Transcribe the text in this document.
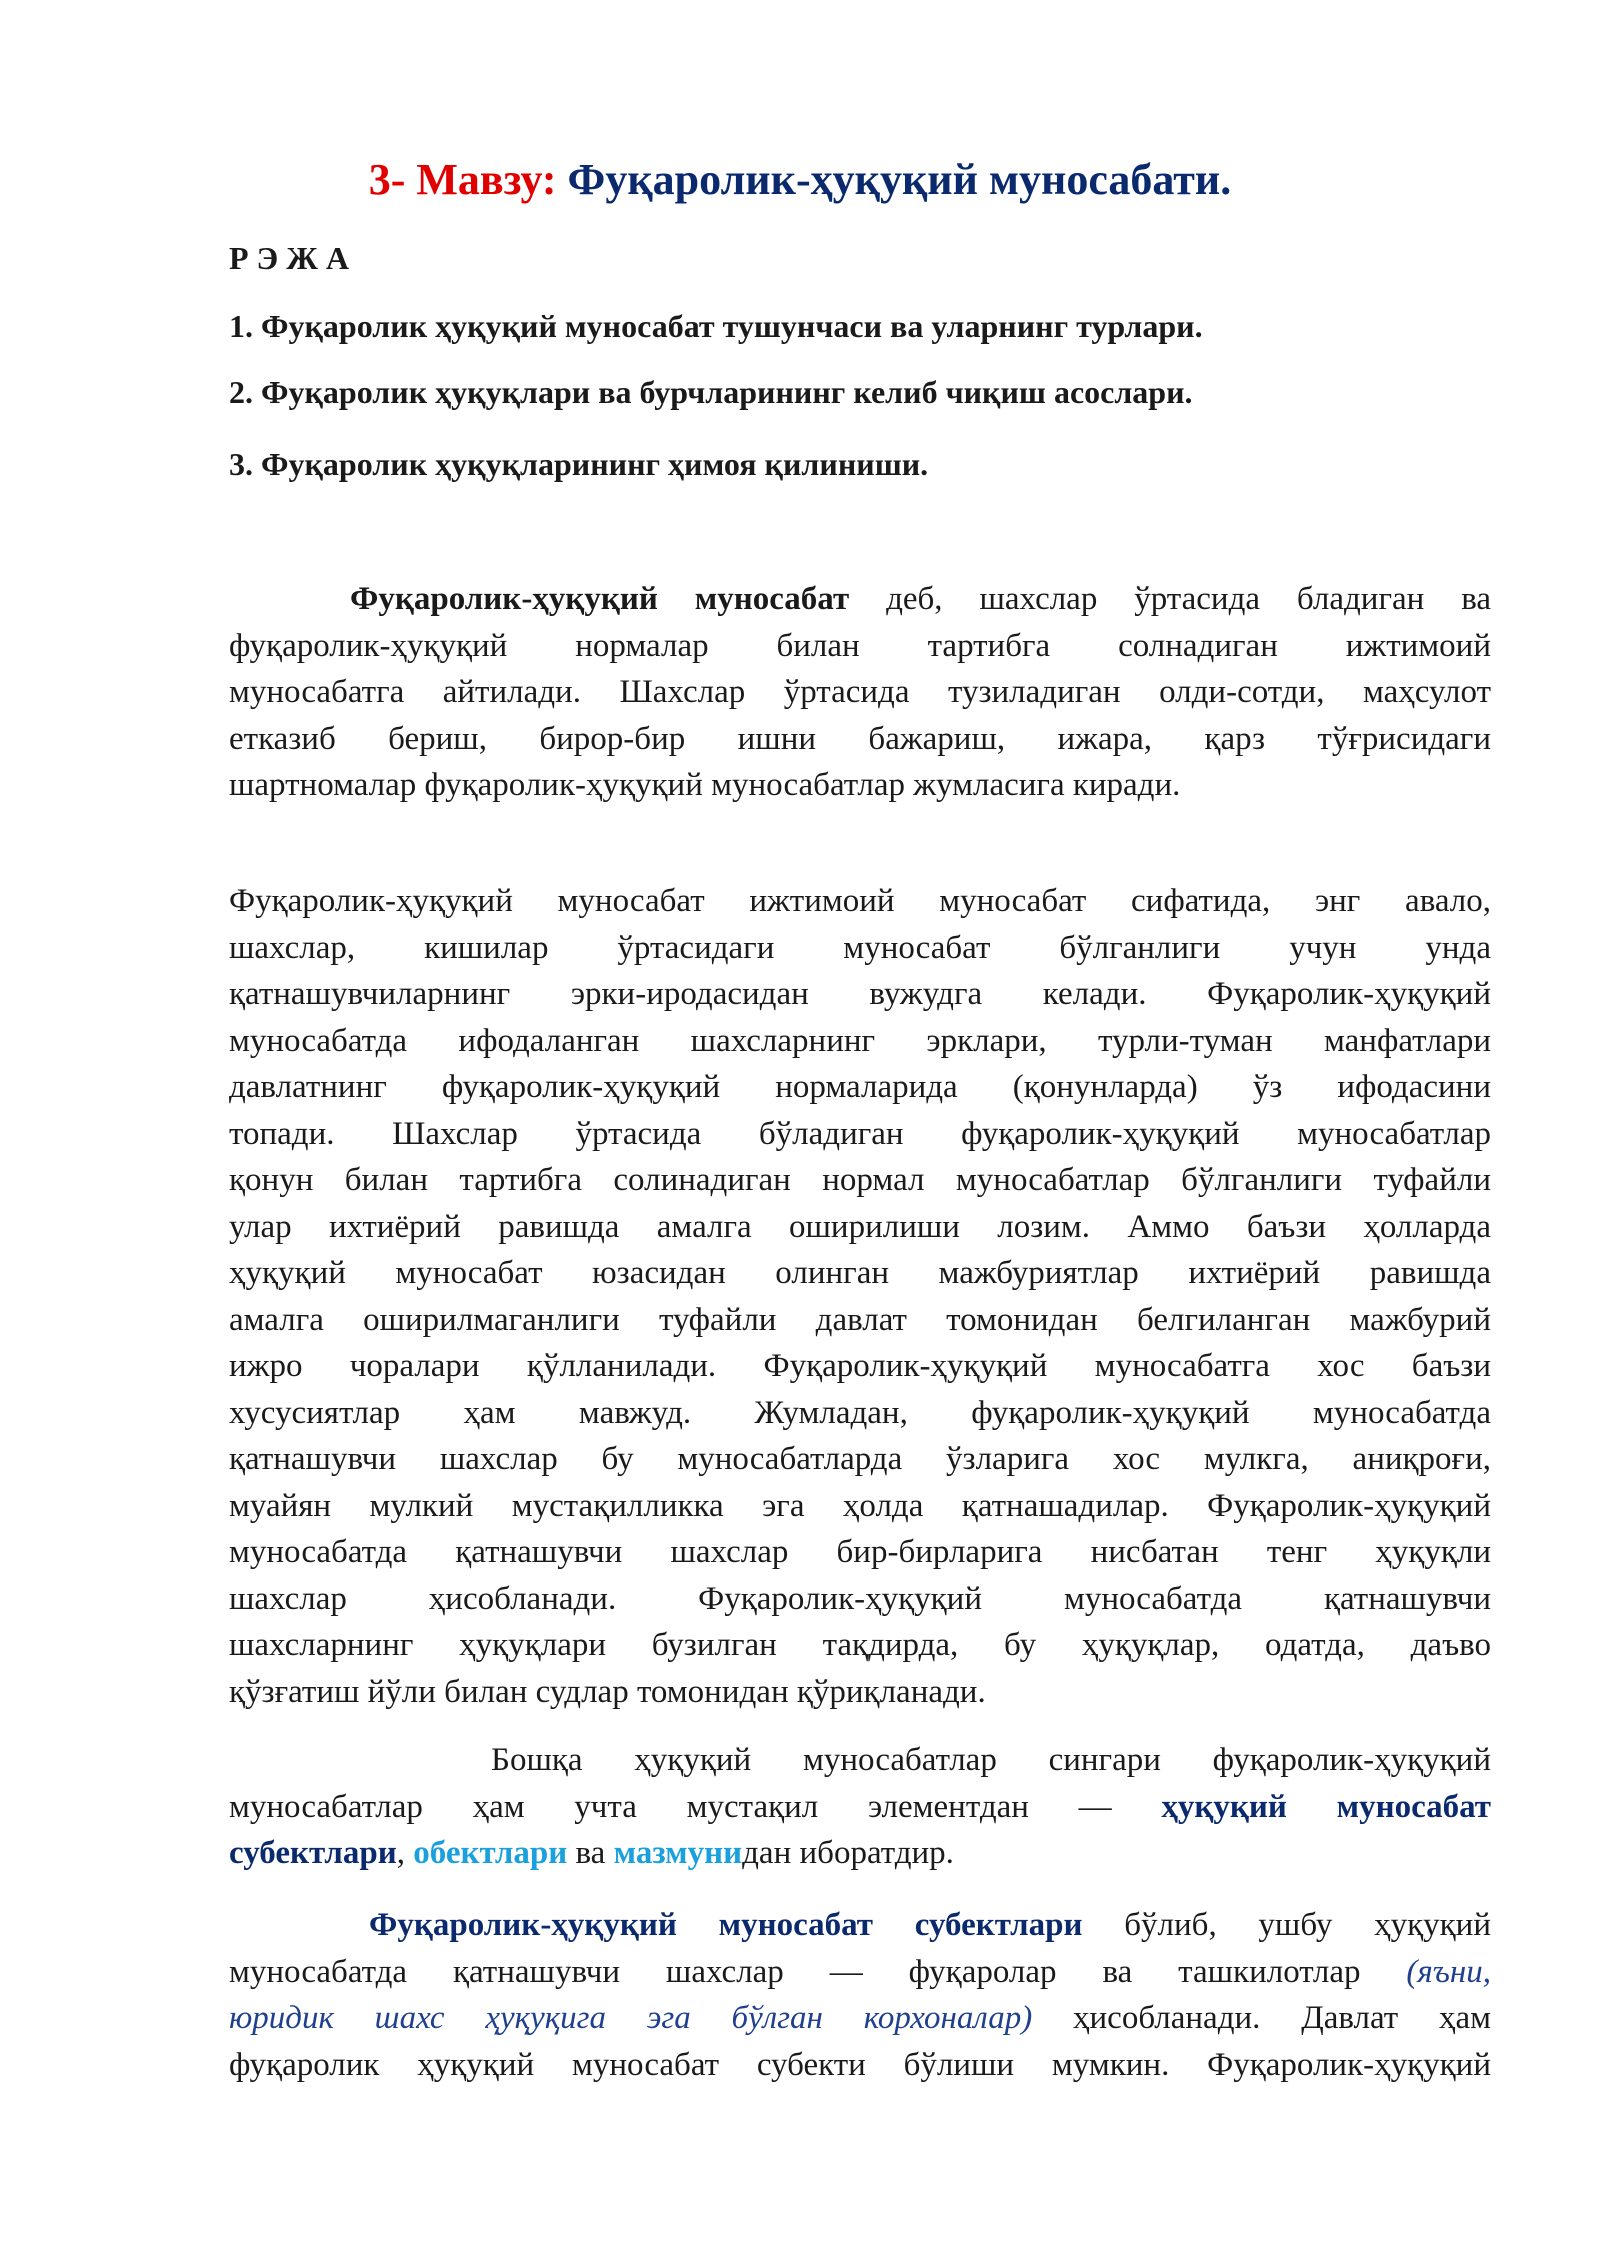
3- Мавзу: Фуқаролик-ҳуқуқий муносабати.
Р Э Ж А
1. Фуқаролик ҳуқуқий муносабат тушунчаси ва уларнинг турлари.
2. Фуқаролик ҳуқуқлари ва бурчларининг келиб чиқиш асослари.
3. Фуқаролик ҳуқуқларининг ҳимоя қилиниши.
Фуқаролик-ҳуқуқий муносабат деб, шахслар ўртасида бладиган ва
фуқаролик-ҳуқуқий нормалар билан тартибга солнадиган ижтимоий
муносабатга айтилади. Шахслар ўртасида тузиладиган олди-сотди, маҳсулот
етказиб бериш, бирор-бир ишни бажариш, ижара, қарз тўғрисидаги
шартномалар фуқаролик-ҳуқуқий муносабатлар жумласига киради.
Фуқаролик-ҳуқуқий муносабат ижтимоий муносабат сифатида, энг авало,
шахслар, кишилар ўртасидаги муносабат бўлганлиги учун унда
қатнашувчиларнинг эрки-иродасидан вужудга келади. Фуқаролик-ҳуқуқий
муносабатда ифодаланган шахсларнинг эрклари, турли-туман манфатлари
давлатнинг фуқаролик-ҳуқуқий нормаларида (қонунларда) ўз ифодасини
топади. Шахслар ўртасида бўладиган фуқаролик-ҳуқуқий муносабатлар
қонун билан тартибга солинадиган нормал муносабатлар бўлганлиги туфайли
улар ихтиёрий равишда амалга оширилиши лозим. Аммо баъзи ҳолларда
ҳуқуқий муносабат юзасидан олинган мажбуриятлар ихтиёрий равишда
амалга оширилмаганлиги туфайли давлат томонидан белгиланган мажбурий
ижро чоралари қўлланилади. Фуқаролик-ҳуқуқий муносабатга хос баъзи
хусусиятлар ҳам мавжуд. Жумладан, фуқаролик-ҳуқуқий муносабатда
қатнашувчи шахслар бу муносабатларда ўзларига хос мулкга, аниқроғи,
муайян мулкий мустақилликка эга ҳолда қатнашадилар. Фуқаролик-ҳуқуқий
муносабатда қатнашувчи шахслар бир-бирларига нисбатан тенг ҳуқуқли
шахслар ҳисобланади. Фуқаролик-ҳуқуқий муносабатда қатнашувчи
шахсларнинг ҳуқуқлари бузилган тақдирда, бу ҳуқуқлар, одатда, даъво
қўзғатиш йўли билан судлар томонидан қўриқланади.
Бошқа ҳуқуқий муносабатлар сингари фуқаролик-ҳуқуқий
муносабатлар ҳам учта мустақил элементдан — ҳуқуқий муносабат
субектлари, обектлари ва мазмунидан иборатдир.
Фуқаролик-ҳуқуқий муносабат субектлари бўлиб, ушбу ҳуқуқий
муносабатда қатнашувчи шахслар — фуқаролар ва ташкилотлар (яъни,
юридик шахс ҳуқуқига эга бўлган корхоналар) ҳисобланади. Давлат ҳам
фуқаролик ҳуқуқий муносабат субекти бўлиши мумкин. Фуқаролик-ҳуқуқий
